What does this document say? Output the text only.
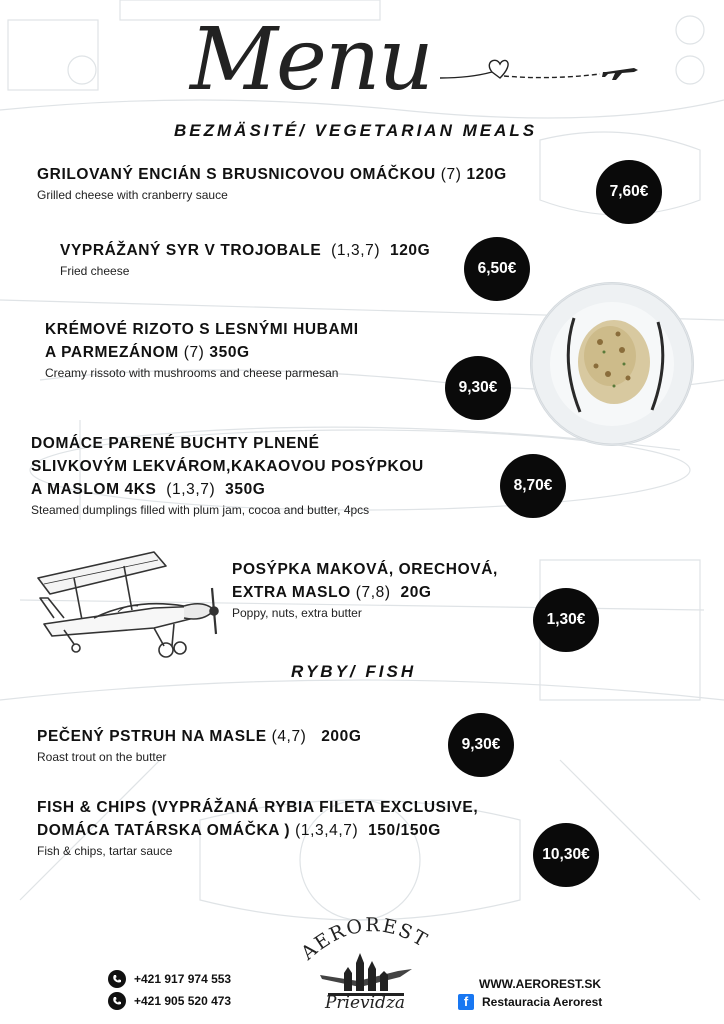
Menu
BEZMÄSITÉ/ VEGETARIAN MEALS
GRILOVANÝ ENCIÁN S BRUSNICOVOU OMÁČKOU (7) 120G
Grilled cheese with cranberry sauce	7,60€
VYPRÁŽANÝ SYR V TROJOBALE (1,3,7) 120G
Fried cheese	6,50€
KRÉMOVÉ RIZOTO S LESNÝMI HUBAMI
A PARMEZÁNOM (7) 350G
Creamy rissoto with mushrooms and cheese parmesan
9,30€
DOMÁCE PARENÉ BUCHTY PLNENÉ
SLIVKOVÝM LEKVÁROM,KAKAOVOU POSÝPKOU
A MASLOM 4KS (1,3,7) 350G
Steamed dumplings filled with plum jam, cocoa and butter, 4pcs
8,70€
POSÝPKA MAKOVÁ, ORECHOVÁ,
EXTRA MASLO (7,8) 20G
Poppy, nuts, extra butter	1,30€
RYBY/ FISH
PEČENÝ PSTRUH NA MASLE (4,7) 200G
Roast trout on the butter
9,30€
FISH & CHIPS (VYPRÁŽANÁ RYBIA FILETA EXCLUSIVE,
DOMÁCA TATÁRSKA OMÁČKA ) (1,3,4,7) 150/150G
Fish & chips, tartar sauce	10,30€
+421 917 974 553
+421 905 520 473
AEROREST
Prievidza
WWW.AEROREST.SK
f	Restauracia Aerorest
